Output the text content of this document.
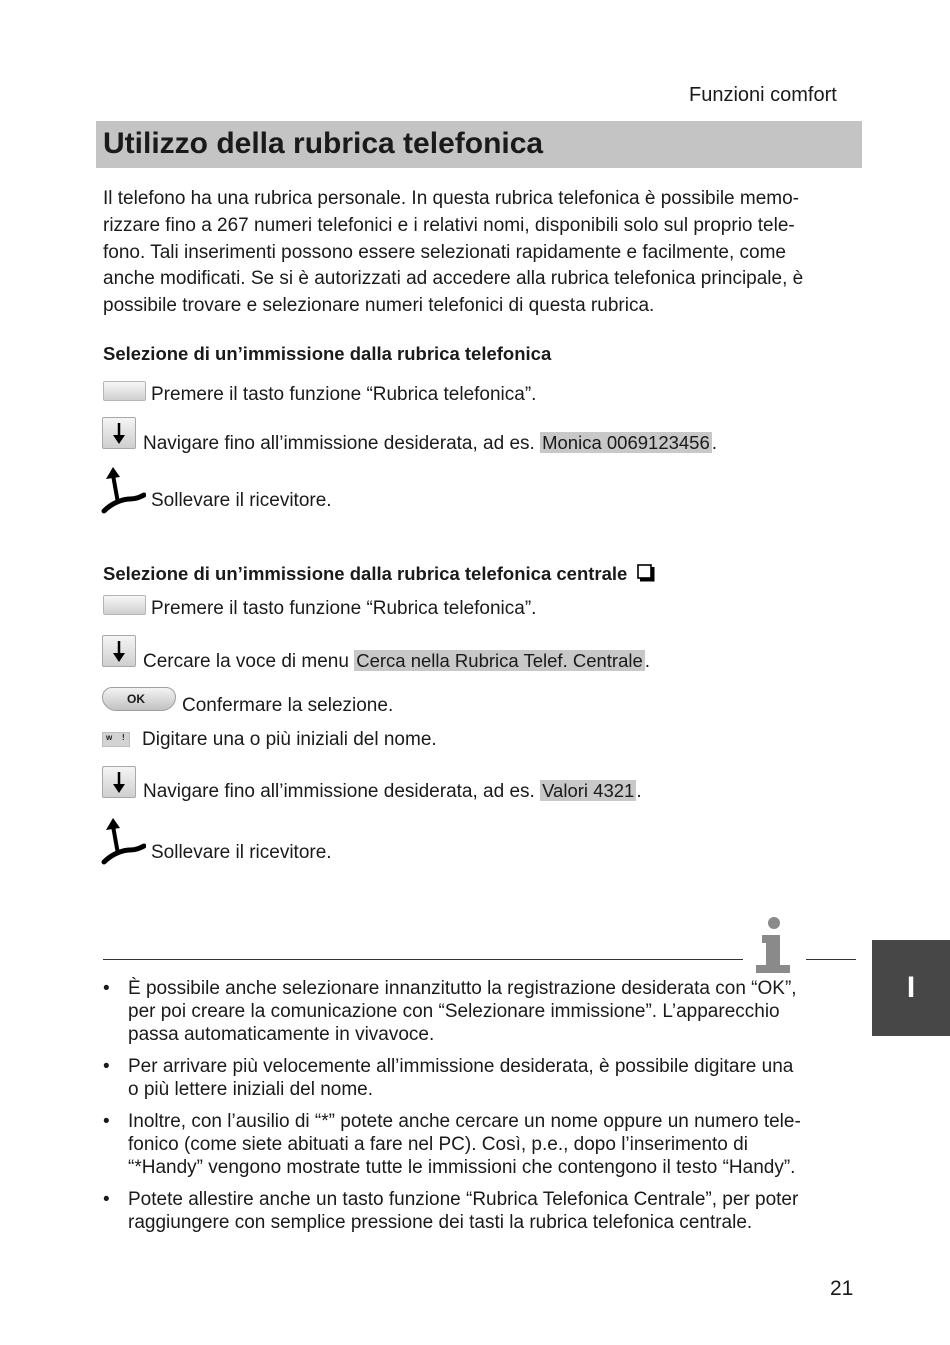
Funzioni comfort
Utilizzo della rubrica telefonica
Il telefono ha una rubrica personale. In questa rubrica telefonica è possibile memo-
rizzare fino a 267 numeri telefonici e i relativi nomi, disponibili solo sul proprio tele-
fono. Tali inserimenti possono essere selezionati rapidamente e facilmente, come
anche modificati. Se si è autorizzati ad accedere alla rubrica telefonica principale, è
possibile trovare e selezionare numeri telefonici di questa rubrica.
Selezione di un’immissione dalla rubrica telefonica
Premere il tasto funzione “Rubrica telefonica”.
Navigare fino all’immissione desiderata, ad es. Monica 0069123456 .
Sollevare il ricevitore.
Selezione di un’immissione dalla rubrica telefonica centrale
Premere il tasto funzione “Rubrica telefonica”.
Cercare la voce di menu Cerca nella Rubrica Telef. Centrale .
OK Confermare la selezione.
w ! Digitare una o più iniziali del nome.
Navigare fino all’immissione desiderata, ad es. Valori 4321 .
Sollevare il ricevitore.
• È possibile anche selezionare innanzitutto la registrazione desiderata con “OK”,
per poi creare la comunicazione con “Selezionare immissione”. L’apparecchio
passa automaticamente in vivavoce.
• Per arrivare più velocemente all’immissione desiderata, è possibile digitare una
o più lettere iniziali del nome.
• Inoltre, con l’ausilio di “*” potete anche cercare un nome oppure un numero tele-
fonico (come siete abituati a fare nel PC). Così, p.e., dopo l’inserimento di
“*Handy” vengono mostrate tutte le immissioni che contengono il testo “Handy”.
• Potete allestire anche un tasto funzione “Rubrica Telefonica Centrale”, per poter
raggiungere con semplice pressione dei tasti la rubrica telefonica centrale.
I
21
